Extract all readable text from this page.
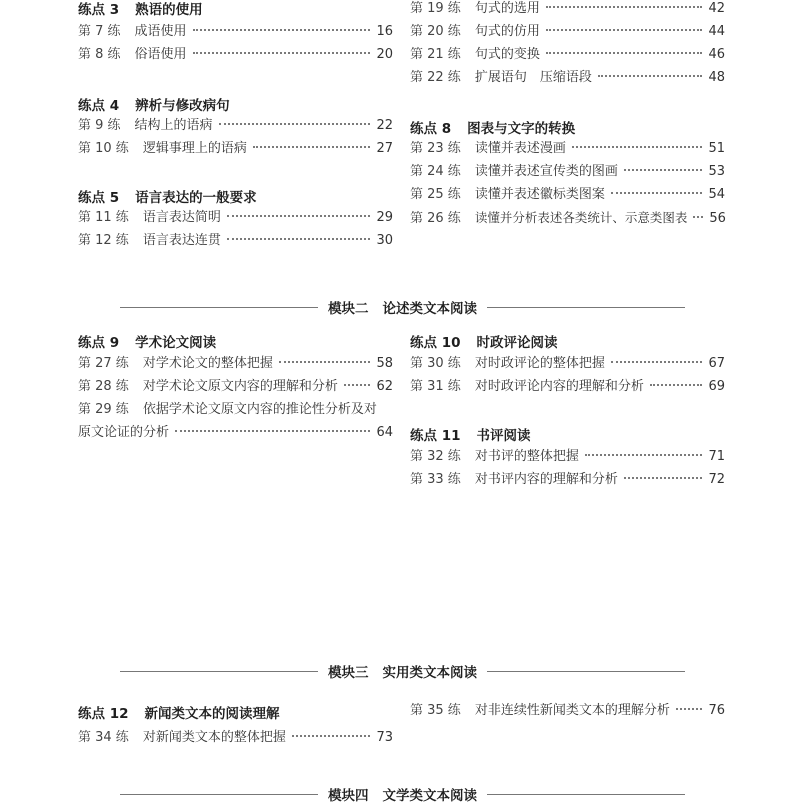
练点 3 熟语的使用
第 7 练 成语使用	16
第 8 练 俗语使用	20
练点 4 辨析与修改病句
第 9 练 结构上的语病	22
第 10 练 逻辑事理上的语病	27
练点 5 语言表达的一般要求
第 11 练 语言表达简明	29
第 12 练 语言表达连贯	30
第 19 练 句式的选用	42
第 20 练 句式的仿用	44
第 21 练 句式的变换	46
第 22 练 扩展语句　压缩语段	48
练点 8 图表与文字的转换
第 23 练 读懂并表述漫画	51
第 24 练 读懂并表述宣传类的图画	53
第 25 练 读懂并表述徽标类图案	54
第 26 练 读懂并分析表述各类统计、示意类图表 56
模块二 论述类文本阅读
练点 9 学术论文阅读
第 27 练 对学术论文的整体把握	58
第 28 练 对学术论文原文内容的理解和分析	62
第 29 练 依据学术论文原文内容的推论性分析及对
原文论证的分析	64
练点 10 时政评论阅读
第 30 练 对时政评论的整体把握	67
第 31 练 对时政评论内容的理解和分析	69
练点 11 书评阅读
第 32 练 对书评的整体把握	71
第 33 练 对书评内容的理解和分析	72
模块三 实用类文本阅读
练点 12 新闻类文本的阅读理解
第 34 练 对新闻类文本的整体把握	73
第 35 练 对非连续性新闻类文本的理解分析	76
模块四 文学类文本阅读
